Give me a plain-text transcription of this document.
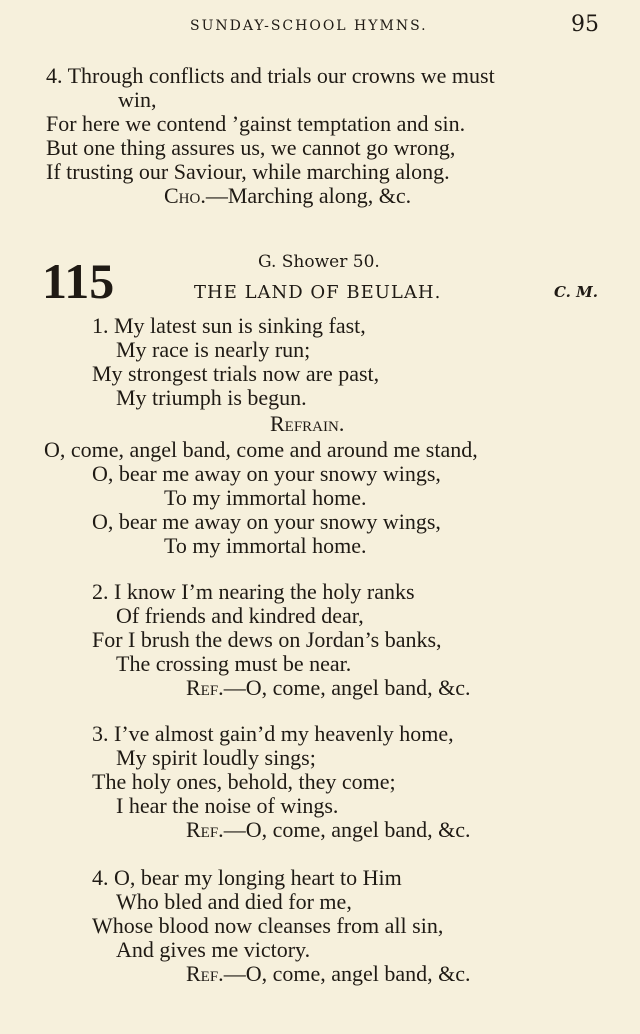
SUNDAY-SCHOOL HYMNS.	95
4. Through conflicts and trials our crowns we must
win,
For here we contend ’gainst temptation and sin.
But one thing assures us, we cannot go wrong,
If trusting our Saviour, while marching along.
Cho.—Marching along, &c.
115	G. Shower 50.
THE LAND OF BEULAH.	C. M.
1. My latest sun is sinking fast,
My race is nearly run;
My strongest trials now are past,
My triumph is begun.
Refrain.
O, come, angel band, come and around me stand,
O, bear me away on your snowy wings,
To my immortal home.
O, bear me away on your snowy wings,
To my immortal home.
2. I know I’m nearing the holy ranks
Of friends and kindred dear,
For I brush the dews on Jordan’s banks,
The crossing must be near.
Ref.—O, come, angel band, &c.
3. I’ve almost gain’d my heavenly home,
My spirit loudly sings;
The holy ones, behold, they come;
I hear the noise of wings.
Ref.—O, come, angel band, &c.
4. O, bear my longing heart to Him
Who bled and died for me,
Whose blood now cleanses from all sin,
And gives me victory.
Ref.—O, come, angel band, &c.
